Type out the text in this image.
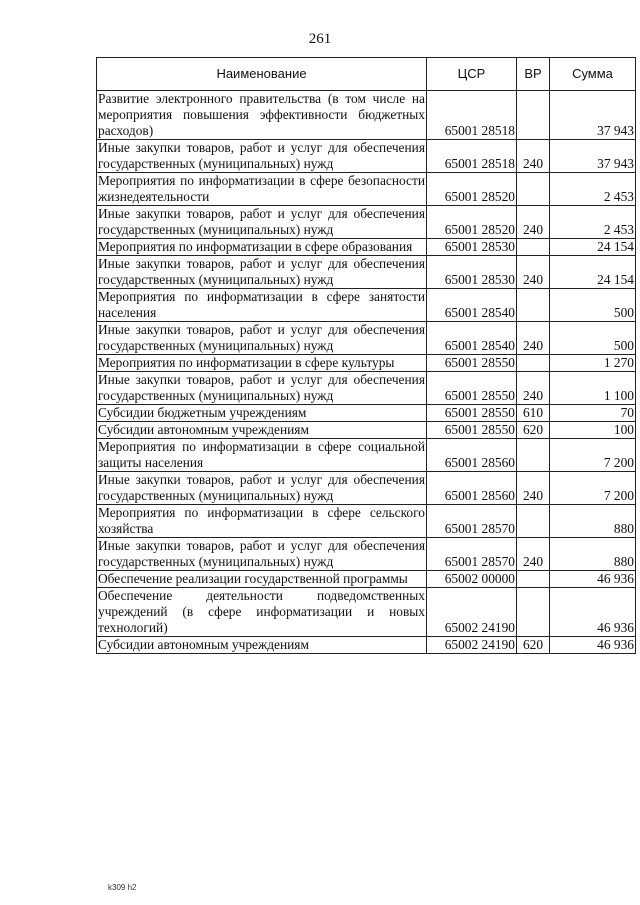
261
Наименование	ЦСР	ВР	Сумма
Развитие электронного правительства (в том числе на мероприятия повышения эффективности бюджетных расходов)	65001 28518		37 943
Иные закупки товаров, работ и услуг для обеспечения государственных (муниципальных) нужд	65001 28518	240	37 943
Мероприятия по информатизации в сфере безопасности жизнедеятельности	65001 28520		2 453
Иные закупки товаров, работ и услуг для обеспечения государственных (муниципальных) нужд	65001 28520	240	2 453
Мероприятия по информатизации в сфере образования	65001 28530		24 154
Иные закупки товаров, работ и услуг для обеспечения государственных (муниципальных) нужд	65001 28530	240	24 154
Мероприятия по информатизации в сфере занятости населения	65001 28540		500
Иные закупки товаров, работ и услуг для обеспечения государственных (муниципальных) нужд	65001 28540	240	500
Мероприятия по информатизации в сфере культуры	65001 28550		1 270
Иные закупки товаров, работ и услуг для обеспечения государственных (муниципальных) нужд	65001 28550	240	1 100
Субсидии бюджетным учреждениям	65001 28550	610	70
Субсидии автономным учреждениям	65001 28550	620	100
Мероприятия по информатизации в сфере социальной защиты населения	65001 28560		7 200
Иные закупки товаров, работ и услуг для обеспечения государственных (муниципальных) нужд	65001 28560	240	7 200
Мероприятия по информатизации в сфере сельского хозяйства	65001 28570		880
Иные закупки товаров, работ и услуг для обеспечения государственных (муниципальных) нужд	65001 28570	240	880
Обеспечение реализации государственной программы	65002 00000		46 936
Обеспечение деятельности подведомственных учреждений (в сфере информатизации и новых технологий)	65002 24190		46 936
Субсидии автономным учреждениям	65002 24190	620	46 936
k309 h2
